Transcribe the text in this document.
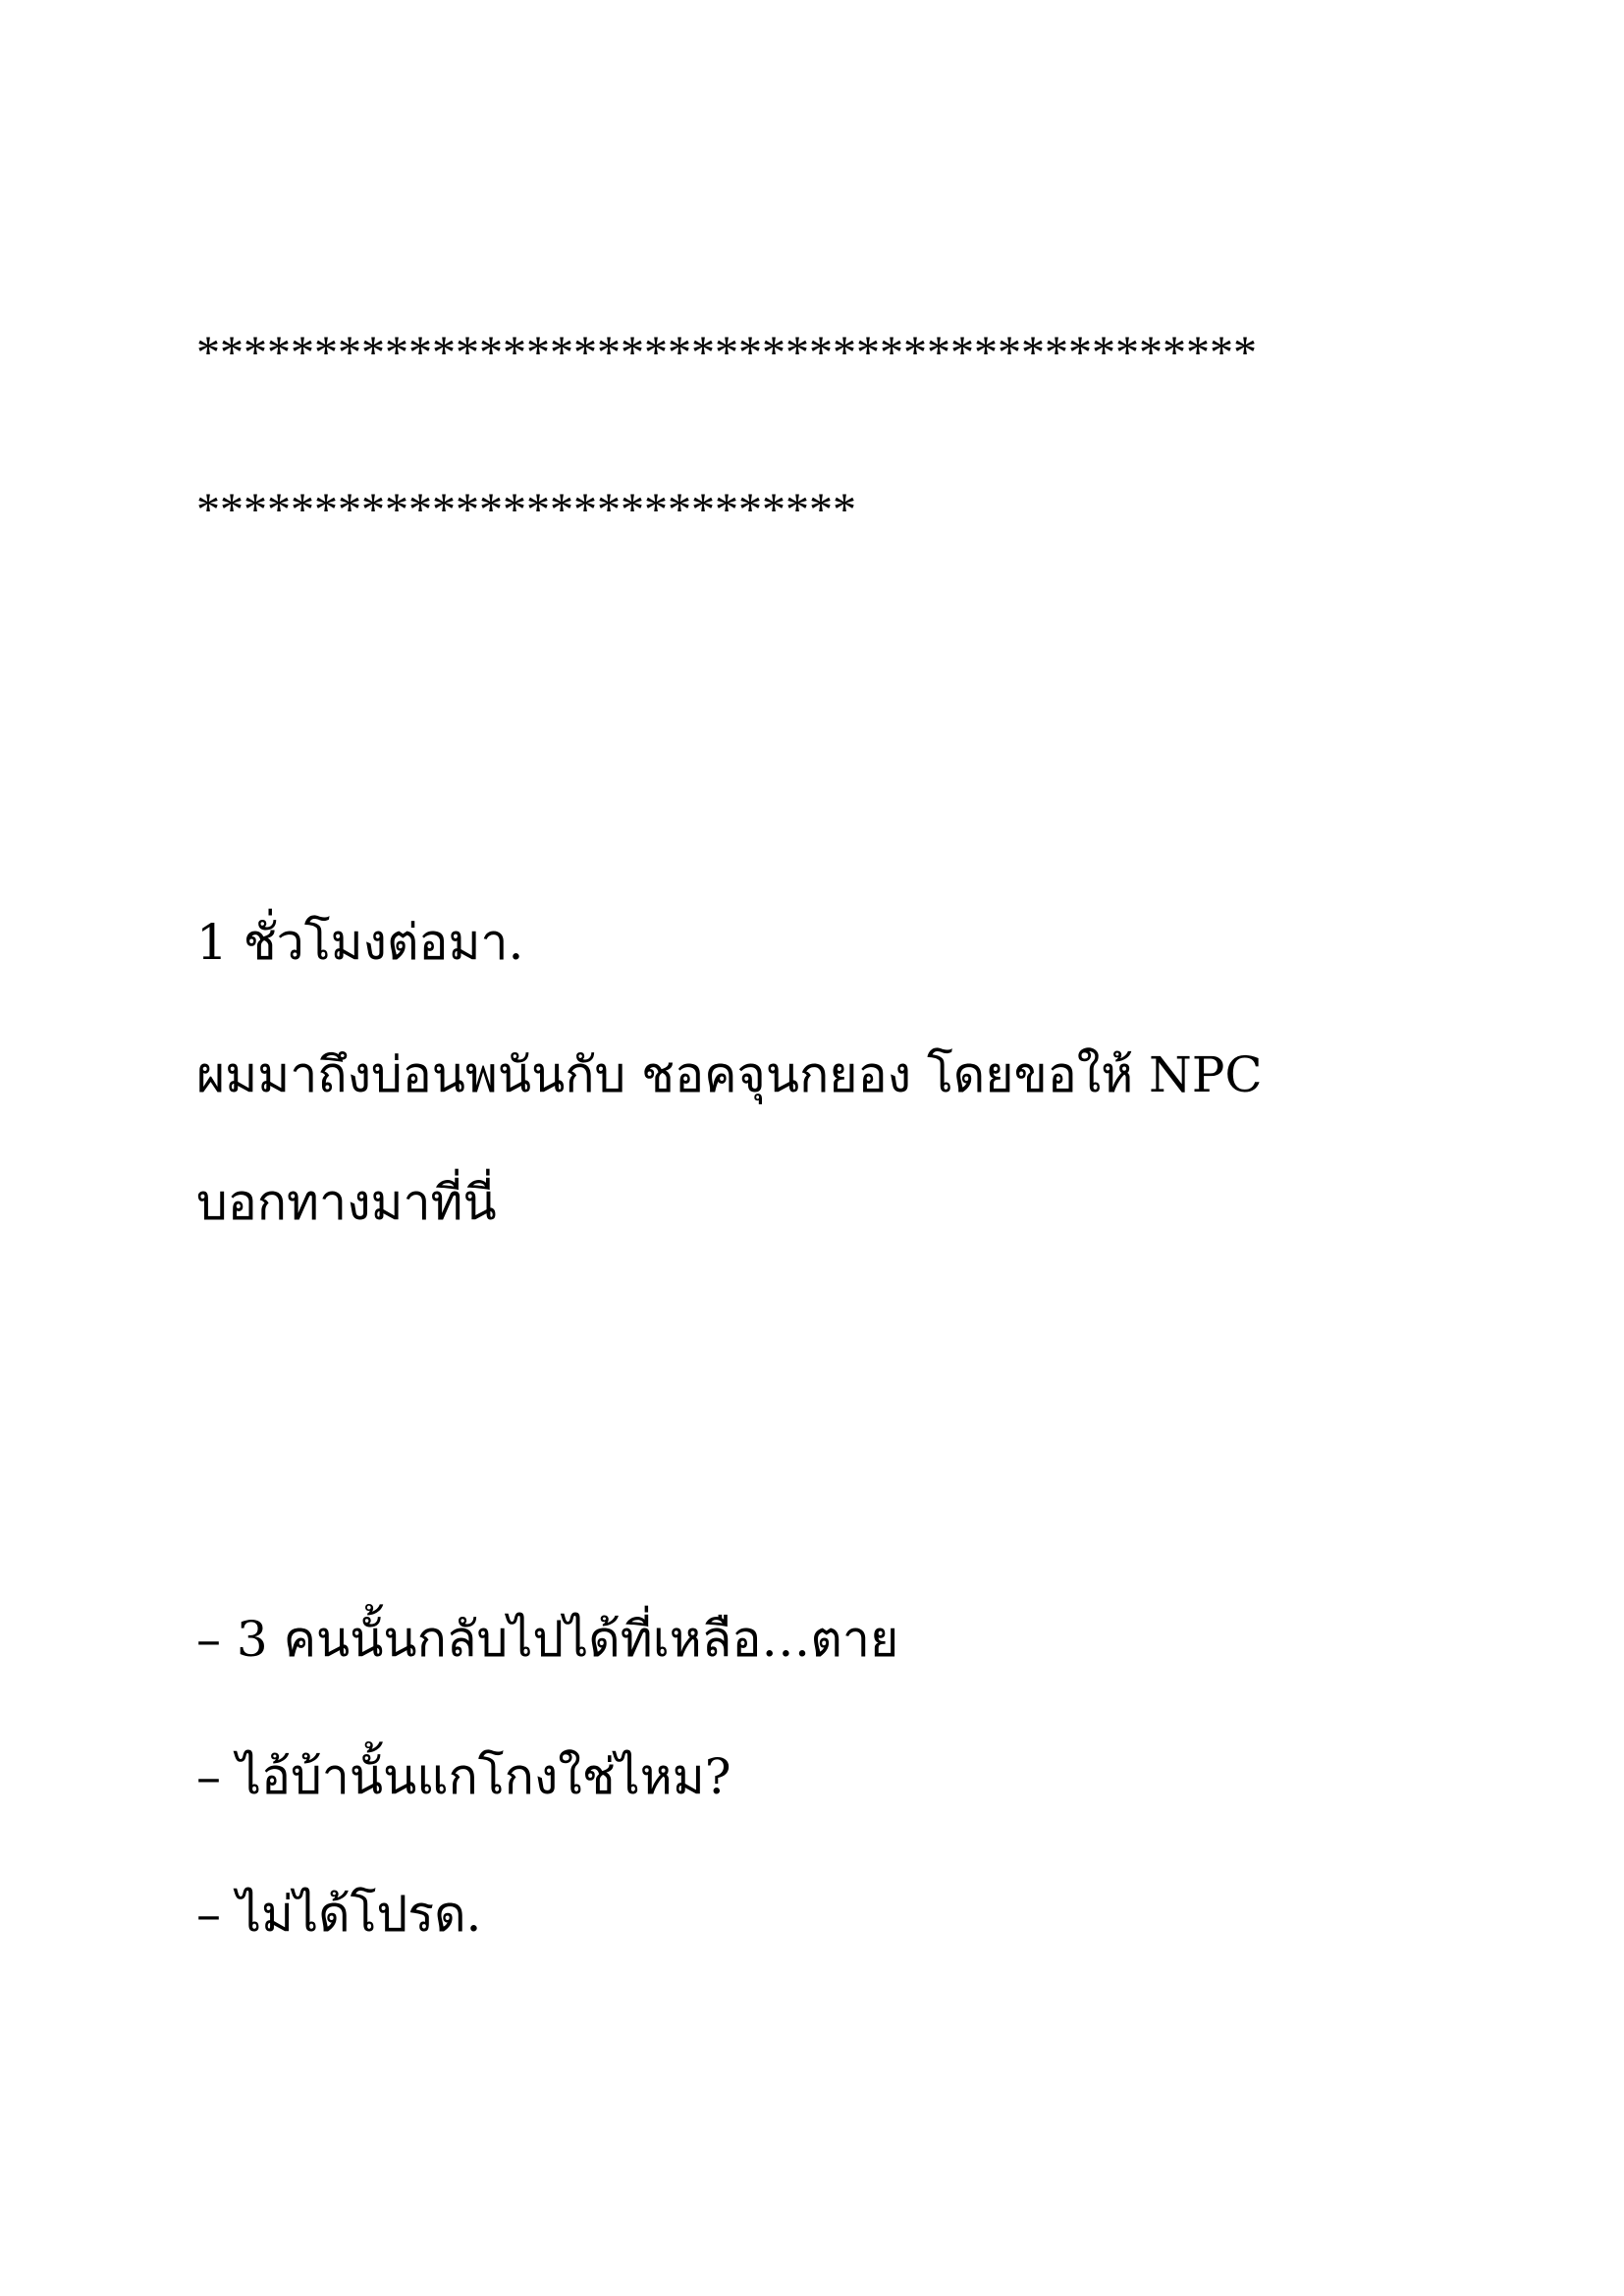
*********************************************
****************************
1 ชั่วโมงต่อมา.
ผมมาถึงบ่อนพนันกับ ชอคจุนกยอง โดยขอให้ NPC
บอกทางมาที่นี่
– 3 คนนั้นกลับไปได้ที่เหลือ…ตาย
– ไอ้บ้านั้นแกโกงใช่ไหม?
– ไม่ได้โปรด.
